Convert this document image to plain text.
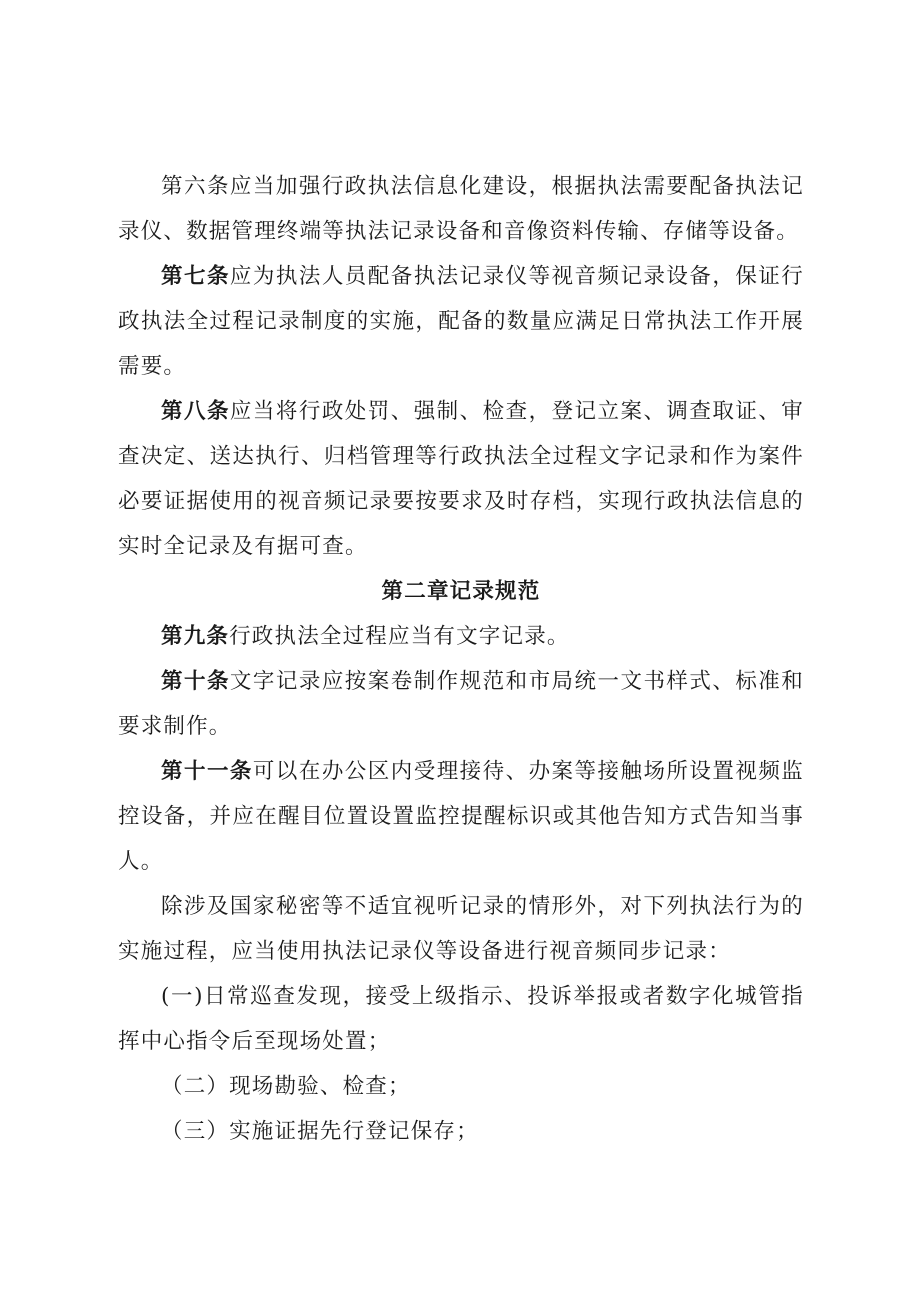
第六条应当加强行政执法信息化建设，根据执法需要配备执法记录仪、数据管理终端等执法记录设备和音像资料传输、存储等设备。

第七条应为执法人员配备执法记录仪等视音频记录设备，保证行政执法全过程记录制度的实施，配备的数量应满足日常执法工作开展需要。

第八条应当将行政处罚、强制、检查，登记立案、调查取证、审查决定、送达执行、归档管理等行政执法全过程文字记录和作为案件必要证据使用的视音频记录要按要求及时存档，实现行政执法信息的实时全记录及有据可查。

第二章记录规范

第九条行政执法全过程应当有文字记录。

第十条文字记录应按案卷制作规范和市局统一文书样式、标准和要求制作。

第十一条可以在办公区内受理接待、办案等接触场所设置视频监控设备，并应在醒目位置设置监控提醒标识或其他告知方式告知当事人。

除涉及国家秘密等不适宜视听记录的情形外，对下列执法行为的实施过程，应当使用执法记录仪等设备进行视音频同步记录：

(一)日常巡查发现，接受上级指示、投诉举报或者数字化城管指挥中心指令后至现场处置；

（二）现场勘验、检查；

（三）实施证据先行登记保存；
